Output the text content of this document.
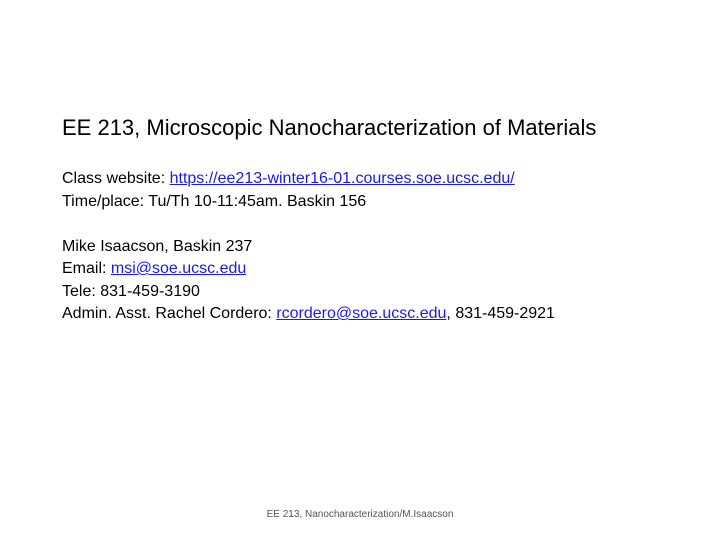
EE 213, Microscopic Nanocharacterization of Materials
Class website: https://ee213-winter16-01.courses.soe.ucsc.edu/
Time/place: Tu/Th 10-11:45am. Baskin 156
Mike Isaacson, Baskin 237
Email: msi@soe.ucsc.edu
Tele: 831-459-3190
Admin. Asst. Rachel Cordero: rcordero@soe.ucsc.edu, 831-459-2921
EE 213, Nanocharacterization/M.Isaacson
